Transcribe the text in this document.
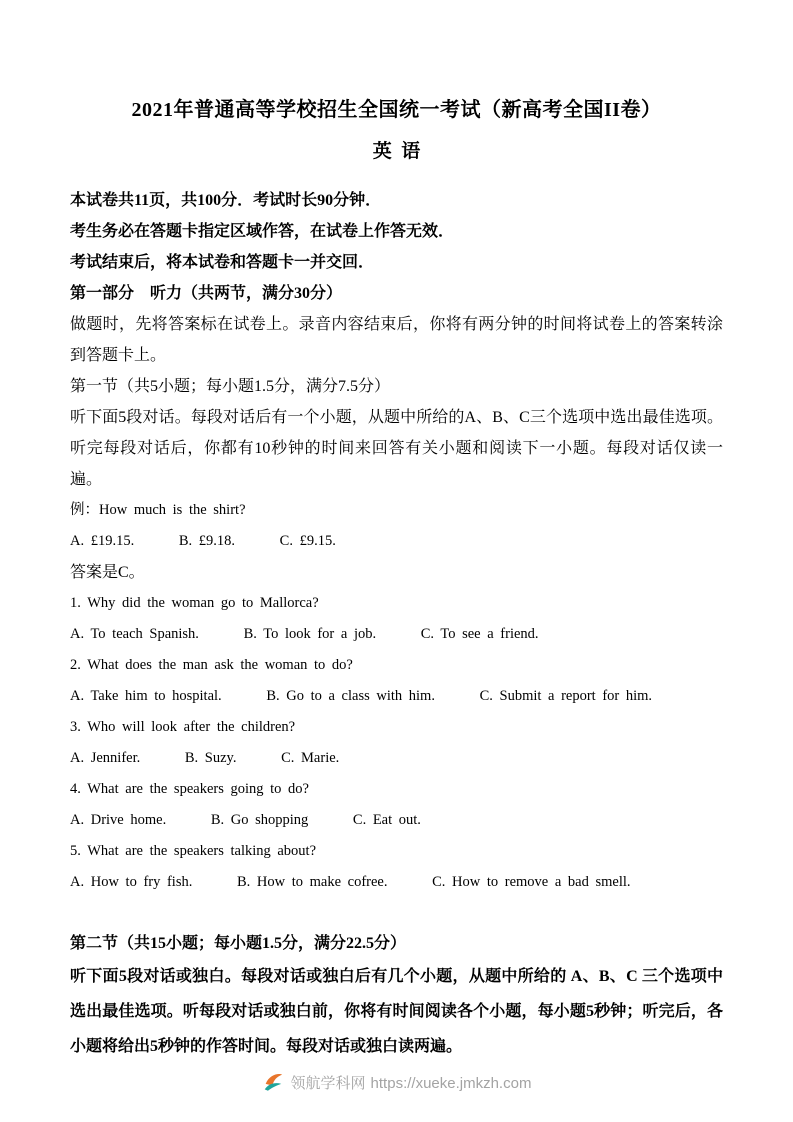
2021年普通高等学校招生全国统一考试（新高考全国II卷）
英  语

本试卷共11页，共100分．考试时长90分钟．

考生务必在答题卡指定区域作答，在试卷上作答无效．

考试结束后，将本试卷和答题卡一并交回．

第一部分　听力（共两节，满分30分）

做题时，先将答案标在试卷上。录音内容结束后，你将有两分钟的时间将试卷上的答案转涂到答题卡上。

第一节（共5小题；每小题1.5分，满分7.5分）

听下面5段对话。每段对话后有一个小题，从题中所给的A、B、C三个选项中选出最佳选项。听完每段对话后，你都有10秒钟的时间来回答有关小题和阅读下一小题。每段对话仅读一遍。

例：How much is the shirt?

A. £19.15.	B. £9.18.	C. £9.15.

答案是C。

1. Why did the woman go to Mallorca?

A. To teach Spanish.	B. To look for a job.	C. To see a friend.

2. What does the man ask the woman to do?

A. Take him to hospital.	B. Go to a class with him.	C. Submit a report for him.

3. Who will look after the children?

A. Jennifer.	B. Suzy.	C. Marie.

4. What are the speakers going to do?

A. Drive home.	B. Go shopping	C. Eat out.

5. What are the speakers talking about?

A. How to fry fish.	B. How to make cofree.	C. How to remove a bad smell.

第二节（共15小题；每小题1.5分，满分22.5分）

听下面5段对话或独白。每段对话或独白后有几个小题，从题中所给的 A、B、C 三个选项中选出最佳选项。听每段对话或独白前，你将有时间阅读各个小题，每小题5秒钟；听完后，各小题将给出5秒钟的作答时间。每段对话或独白读两遍。

领航学科网 https://xueke.jmkzh.com
